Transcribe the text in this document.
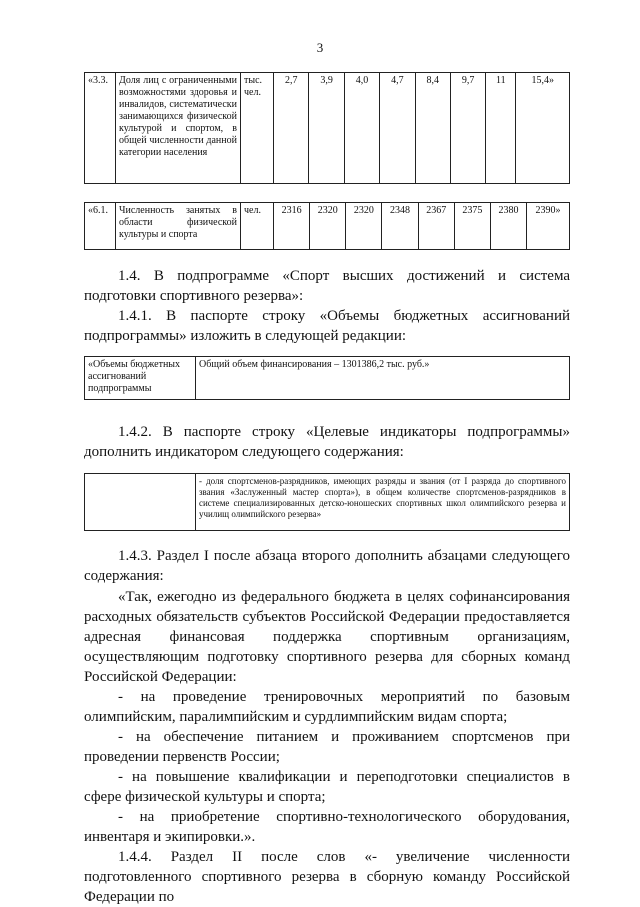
3
«3.3.	Доля лиц с ограниченными возможностями здоровья и инвалидов, систематически занимающихся физической культурой и спортом, в общей численности данной категории населения	тыс. чел.	2,7	3,9	4,0	4,7	8,4	9,7	11	15,4»
«6.1.	Численность занятых в области физической культуры и спорта	чел.	2316	2320	2320	2348	2367	2375	2380	2390»

1.4. В подпрограмме «Спорт высших достижений и система подготовки спортивного резерва»:

1.4.1. В паспорте строку «Объемы бюджетных ассигнований подпрограммы» изложить в следующей редакции:

«Объемы бюджетных ассигнований подпрограммы	Общий объем финансирования – 1301386,2 тыс. руб.»

1.4.2. В паспорте строку «Целевые индикаторы подпрограммы» дополнить индикатором следующего содержания:

	- доля спортсменов-разрядников, имеющих разряды и звания (от I разряда до спортивного звания «Заслуженный мастер спорта»), в общем количестве спортсменов-разрядников в системе специализированных детско-юношеских спортивных школ олимпийского резерва и училищ олимпийского резерва»

1.4.3. Раздел I после абзаца второго дополнить абзацами следующего содержания:

«Так, ежегодно из федерального бюджета в целях софинансирования расходных обязательств субъектов Российской Федерации предоставляется адресная финансовая поддержка спортивным организациям, осуществляющим подготовку спортивного резерва для сборных команд Российской Федерации:

- на проведение тренировочных мероприятий по базовым олимпийским, паралимпийским и сурдлимпийским видам спорта;

- на обеспечение питанием и проживанием спортсменов при проведении первенств России;

- на повышение квалификации и переподготовки специалистов в сфере физической культуры и спорта;

- на приобретение спортивно-технологического оборудования, инвентаря и экипировки.».

1.4.4. Раздел II после слов «- увеличение численности подготовленного спортивного резерва в сборную команду Российской Федерации по
